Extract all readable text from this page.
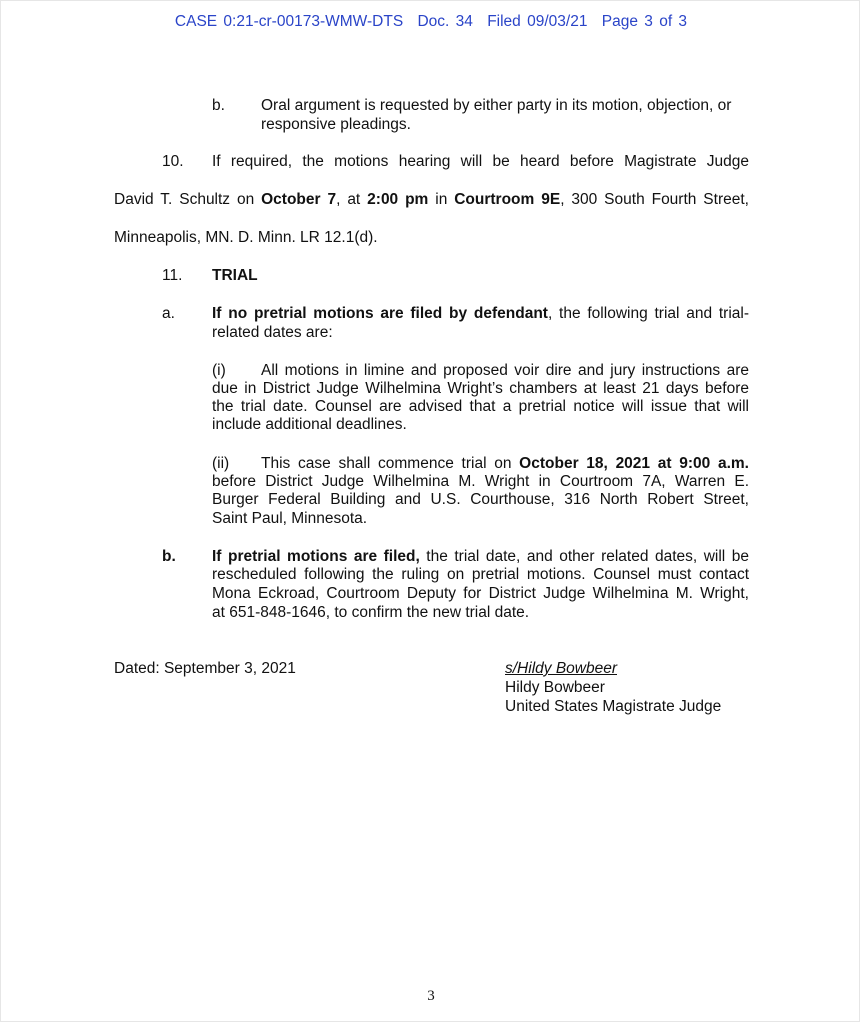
CASE 0:21-cr-00173-WMW-DTS Doc. 34 Filed 09/03/21 Page 3 of 3
b. Oral argument is requested by either party in its motion, objection, or
responsive pleadings.
10. If required, the motions hearing will be heard before Magistrate Judge
David T. Schultz on October 7, at 2:00 pm in Courtroom 9E, 300 South Fourth Street,
Minneapolis, MN. D. Minn. LR 12.1(d).
11. TRIAL
a. If no pretrial motions are filed by defendant, the following trial and trial-
related dates are:
(i) All motions in limine and proposed voir dire and jury instructions are
due in District Judge Wilhelmina Wright’s chambers at least 21 days before
the trial date. Counsel are advised that a pretrial notice will issue that will
include additional deadlines.
(ii) This case shall commence trial on October 18, 2021 at 9:00 a.m.
before District Judge Wilhelmina M. Wright in Courtroom 7A, Warren E.
Burger Federal Building and U.S. Courthouse, 316 North Robert Street,
Saint Paul, Minnesota.
b. If pretrial motions are filed, the trial date, and other related dates, will be
rescheduled following the ruling on pretrial motions. Counsel must contact
Mona Eckroad, Courtroom Deputy for District Judge Wilhelmina M. Wright,
at 651-848-1646, to confirm the new trial date.
Dated: September 3, 2021	s/Hildy Bowbeer
Hildy Bowbeer
United States Magistrate Judge
3
